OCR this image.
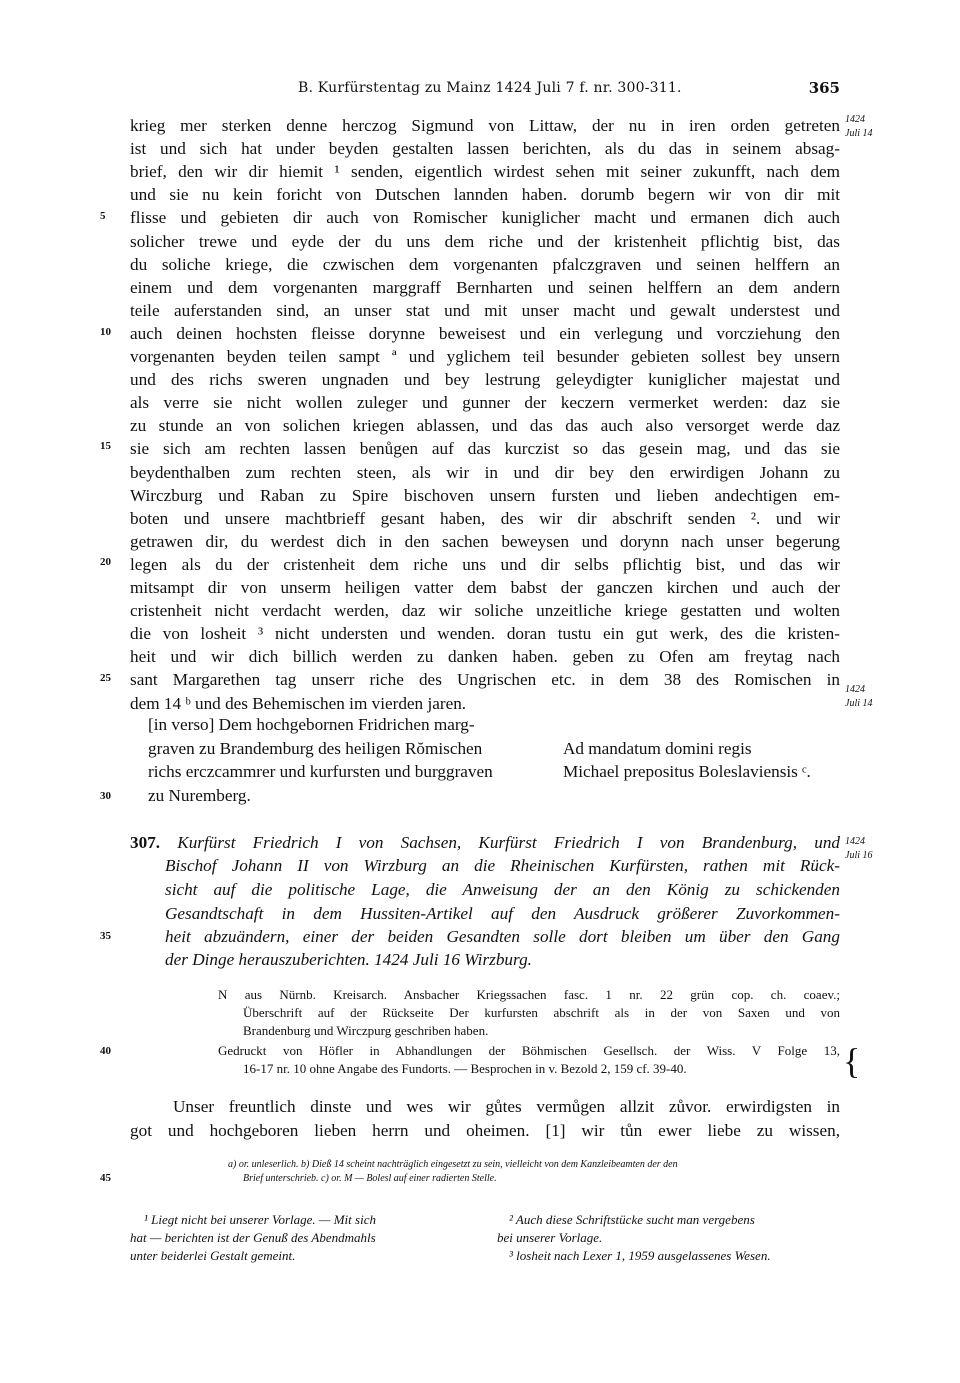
B. Kurfürstentag zu Mainz 1424 Juli 7 f. nr. 300-311.	365
krieg mer sterken denne herczog Sigmund von Littaw, der nu in iren orden getreten
ist und sich hat under beyden gestalten lassen berichten, als du das in seinem absag-
brief, den wir dir hiemit ¹ senden, eigentlich wirdest sehen mit seiner zukunfft, nach dem
und sie nu kein foricht von Dutschen lannden haben. dorumb begern wir von dir mit
flisse und gebieten dir auch von Romischer kuniglicher macht und ermanen dich auch
solicher trewe und eyde der du uns dem riche und der kristenheit pflichtig bist, das
du soliche kriege, die czwischen dem vorgenanten pfalczgraven und seinen helffern an
einem und dem vorgenanten marggraff Bernharten und seinen helffern an dem andern
teile auferstanden sind, an unser stat und mit unser macht und gewalt understest und
auch deinen hochsten fleisse dorynne beweisest und ein verlegung und vorcziehung den
vorgenanten beyden teilen sampt ª und yglichem teil besunder gebieten sollest bey unsern
und des richs sweren ungnaden und bey lestrung geleydigter kuniglicher majestat und
als verre sie nicht wollen zuleger und gunner der keczern vermerket werden: daz sie
zu stunde an von solichen kriegen ablassen, und das das auch also versorget werde daz
sie sich am rechten lassen benůgen auf das kurczist so das gesein mag, und das sie
beydenthalben zum rechten steen, als wir in und dir bey den erwirdigen Johann zu
Wirczburg und Raban zu Spire bischoven unsern fursten und lieben andechtigen em-
boten und unsere machtbrieff gesant haben, des wir dir abschrift senden ². und wir
getrawen dir, du werdest dich in den sachen beweysen und dorynn nach unser begerung
legen als du der cristenheit dem riche uns und dir selbs pflichtig bist, und das wir
mitsampt dir von unserm heiligen vatter dem babst der ganczen kirchen und auch der
cristenheit nicht verdacht werden, daz wir soliche unzeitliche kriege gestatten und wolten
die von losheit ³ nicht understen und wenden. doran tustu ein gut werk, des die kristen-
heit und wir dich billich werden zu danken haben. geben zu Ofen am freytag nach
sant Margarethen tag unserr riche des Ungrischen etc. in dem 38 des Romischen in
dem 14 ᵇ und des Behemischen im vierden jaren.
5
10
15
20
25
30
35
40
45
1424
Juli 14
1424
Juli 14
1424
Juli 16
[in verso] Dem hochgebornen Fridrichen marg-
graven zu Brandemburg des heiligen Rŏmischen
richs erczcammrer und kurfursten und burggraven
zu Nuremberg.
Ad mandatum domini regis
Michael prepositus Boleslaviensis ᶜ.
307. Kurfürst Friedrich I von Sachsen, Kurfürst Friedrich I von Brandenburg, und
Bischof Johann II von Wirzburg an die Rheinischen Kurfürsten, rathen mit Rück-
sicht auf die politische Lage, die Anweisung der an den König zu schickenden
Gesandtschaft in dem Hussiten-Artikel auf den Ausdruck größerer Zuvorkommen-
heit abzuändern, einer der beiden Gesandten solle dort bleiben um über den Gang
der Dinge herauszuberichten. 1424 Juli 16 Wirzburg.
N aus Nürnb. Kreisarch. Ansbacher Kriegssachen fasc. 1 nr. 22 grün cop. ch. coaev.;
Überschrift auf der Rückseite Der kurfursten abschrift als in der von Saxen und von
Brandenburg und Wirczpurg geschriben haben.
Gedruckt von Höfler in Abhandlungen der Böhmischen Gesellsch. der Wiss. V Folge 13,
16-17 nr. 10 ohne Angabe des Fundorts. — Besprochen in v. Bezold 2, 159 cf. 39-40.	{
Unser freuntlich dinste und wes wir gůtes vermůgen allzit zůvor. erwirdigsten in
got und hochgeboren lieben herrn und oheimen. [1] wir tůn ewer liebe zu wissen,
a) or. unleserlich. b) Dieß 14 scheint nachträglich eingesetzt zu sein, vielleicht von dem Kanzleibeamten der den
Brief unterschrieb. c) or. M — Bolesl auf einer radierten Stelle.
¹ Liegt nicht bei unserer Vorlage. — Mit sich
hat — berichten ist der Genuß des Abendmahls
unter beiderlei Gestalt gemeint.
² Auch diese Schriftstücke sucht man vergebens
bei unserer Vorlage.
³ losheit nach Lexer 1, 1959 ausgelassenes Wesen.
